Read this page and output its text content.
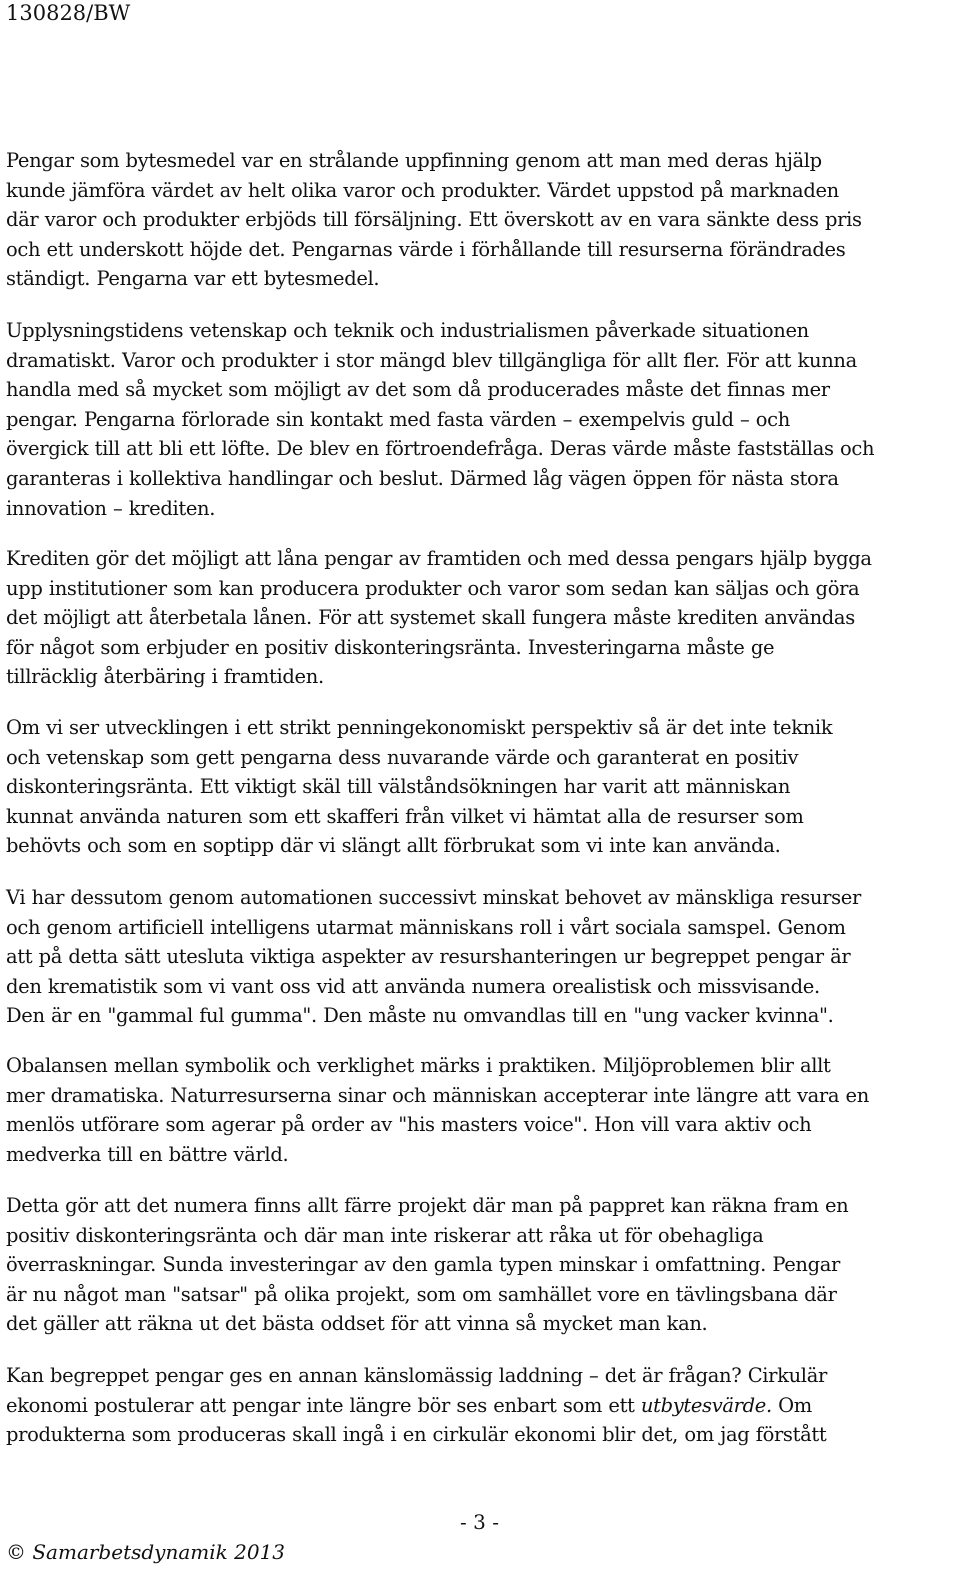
130828/BW

Pengar som bytesmedel var en strålande uppfinning genom att man med deras hjälp
kunde jämföra värdet av helt olika varor och produkter. Värdet uppstod på marknaden
där varor och produkter erbjöds till försäljning. Ett överskott av en vara sänkte dess pris
och ett underskott höjde det. Pengarnas värde i förhållande till resurserna förändrades
ständigt. Pengarna var ett bytesmedel.

Upplysningstidens vetenskap och teknik och industrialismen påverkade situationen
dramatiskt. Varor och produkter i stor mängd blev tillgängliga för allt fler. För att kunna
handla med så mycket som möjligt av det som då producerades måste det finnas mer
pengar. Pengarna förlorade sin kontakt med fasta värden – exempelvis guld – och
övergick till att bli ett löfte. De blev en förtroendefråga. Deras värde måste fastställas och
garanteras i kollektiva handlingar och beslut. Därmed låg vägen öppen för nästa stora
innovation – krediten.

Krediten gör det möjligt att låna pengar av framtiden och med dessa pengars hjälp bygga
upp institutioner som kan producera produkter och varor som sedan kan säljas och göra
det möjligt att återbetala lånen. För att systemet skall fungera måste krediten användas
för något som erbjuder en positiv diskonteringsränta. Investeringarna måste ge
tillräcklig återbäring i framtiden.

Om vi ser utvecklingen i ett strikt penningekonomiskt perspektiv så är det inte teknik
och vetenskap som gett pengarna dess nuvarande värde och garanterat en positiv
diskonteringsränta. Ett viktigt skäl till välståndsökningen har varit att människan
kunnat använda naturen som ett skafferi från vilket vi hämtat alla de resurser som
behövts och som en soptipp där vi slängt allt förbrukat som vi inte kan använda.

Vi har dessutom genom automationen successivt minskat behovet av mänskliga resurser
och genom artificiell intelligens utarmat människans roll i vårt sociala samspel. Genom
att på detta sätt utesluta viktiga aspekter av resurshanteringen ur begreppet pengar är
den krematistik som vi vant oss vid att använda numera orealistisk och missvisande.
Den är en "gammal ful gumma". Den måste nu omvandlas till en "ung vacker kvinna".

Obalansen mellan symbolik och verklighet märks i praktiken. Miljöproblemen blir allt
mer dramatiska. Naturresurserna sinar och människan accepterar inte längre att vara en
menlös utförare som agerar på order av "his masters voice". Hon vill vara aktiv och
medverka till en bättre värld.

Detta gör att det numera finns allt färre projekt där man på pappret kan räkna fram en
positiv diskonteringsränta och där man inte riskerar att råka ut för obehagliga
överraskningar. Sunda investeringar av den gamla typen minskar i omfattning. Pengar
är nu något man "satsar" på olika projekt, som om samhället vore en tävlingsbana där
det gäller att räkna ut det bästa oddset för att vinna så mycket man kan.

Kan begreppet pengar ges en annan känslomässig laddning – det är frågan? Cirkulär
ekonomi postulerar att pengar inte längre bör ses enbart som ett utbytesvärde. Om
produkterna som produceras skall ingå i en cirkulär ekonomi blir det, om jag förstått

- 3 -
© Samarbetsdynamik 2013
